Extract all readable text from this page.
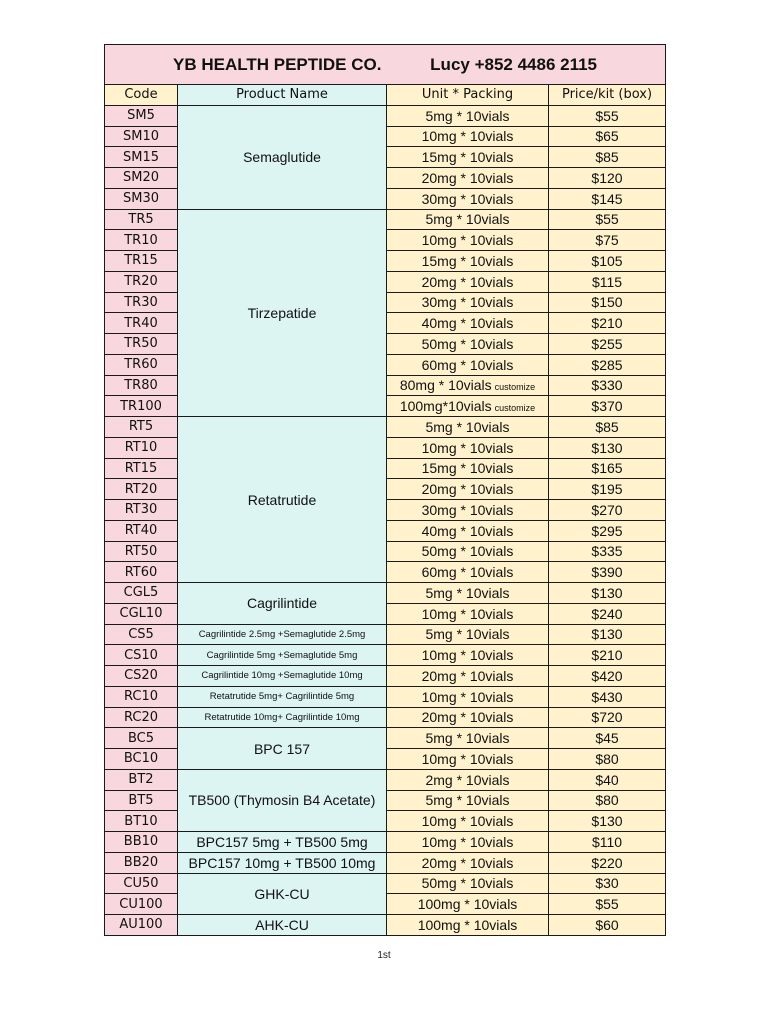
YB HEALTH PEPTIDE CO. Lucy +852 4486 2115			
Code	Product Name	Unit * Packing	Price/kit (box)
SM5	Semaglutide	5mg * 10vials	$55
SM10		10mg * 10vials	$65
SM15		15mg * 10vials	$85
SM20		20mg * 10vials	$120
SM30		30mg * 10vials	$145
TR5	Tirzepatide	5mg * 10vials	$55
TR10		10mg * 10vials	$75
TR15		15mg * 10vials	$105
TR20		20mg * 10vials	$115
TR30		30mg * 10vials	$150
TR40		40mg * 10vials	$210
TR50		50mg * 10vials	$255
TR60		60mg * 10vials	$285
TR80		80mg * 10vials customize	$330
TR100		100mg*10vials customize	$370
RT5	Retatrutide	5mg * 10vials	$85
RT10		10mg * 10vials	$130
RT15		15mg * 10vials	$165
RT20		20mg * 10vials	$195
RT30		30mg * 10vials	$270
RT40		40mg * 10vials	$295
RT50		50mg * 10vials	$335
RT60		60mg * 10vials	$390
CGL5	Cagrilintide	5mg * 10vials	$130
CGL10		10mg * 10vials	$240
CS5	Cagrilintide 2.5mg +Semaglutide 2.5mg	5mg * 10vials	$130
CS10	Cagrilintide 5mg +Semaglutide 5mg	10mg * 10vials	$210
CS20	Cagrilintide 10mg +Semaglutide 10mg	20mg * 10vials	$420
RC10	Retatrutide 5mg+ Cagrilintide 5mg	10mg * 10vials	$430
RC20	Retatrutide 10mg+ Cagrilintide 10mg	20mg * 10vials	$720
BC5	BPC 157	5mg * 10vials	$45
BC10		10mg * 10vials	$80
BT2	TB500 (Thymosin B4 Acetate)	2mg * 10vials	$40
BT5		5mg * 10vials	$80
BT10		10mg * 10vials	$130
BB10	BPC157 5mg + TB500 5mg	10mg * 10vials	$110
BB20	BPC157 10mg + TB500 10mg	20mg * 10vials	$220
CU50	GHK-CU	50mg * 10vials	$30
CU100		100mg * 10vials	$55
AU100	AHK-CU	100mg * 10vials	$60
1st
